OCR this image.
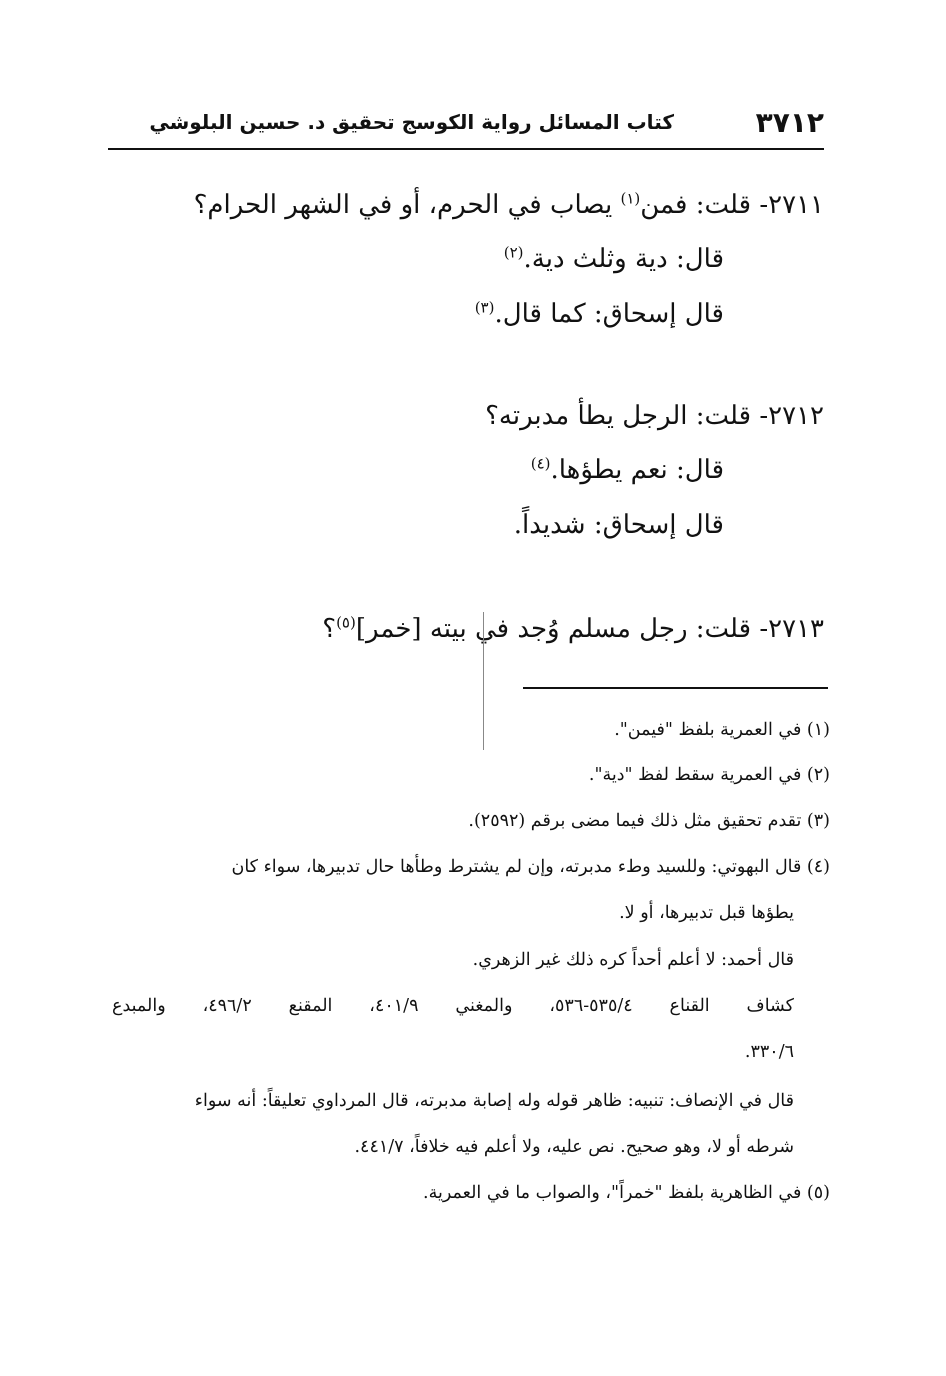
٣٧١٢
كتاب المسائل رواية الكوسج تحقيق د. حسين البلوشي
٢٧١١- قلت: فمن$^{(١)}$ يصاب في الحرم، أو في الشهر الحرام؟
قال: دية وثلث دية.$^{(٢)}$
قال إسحاق: كما قال.$^{(٣)}$
٢٧١٢- قلت: الرجل يطأ مدبرته؟
قال: نعم يطؤها.$^{(٤)}$
قال إسحاق: شديداً.
٢٧١٣- قلت: رجل مسلم وُجد في بيته [خمر]$^{(٥)}$؟
(١) في العمرية بلفظ "فيمن".
(٢) في العمرية سقط لفظ "دية".
(٣) تقدم تحقيق مثل ذلك فيما مضى برقم (٢٥٩٢).
(٤) قال البهوتي: وللسيد وطء مدبرته، وإن لم يشترط وطأها حال تدبيرها، سواء كان
يطؤها قبل تدبيرها، أو لا.
قال أحمد: لا أعلم أحداً كره ذلك غير الزهري.
كشاف القناع ٥٣٥/٤-٥٣٦، والمغني ٤٠١/٩، المقنع ٤٩٦/٢، والمبدع
٣٣٠/٦.
قال في الإنصاف: تنبيه: ظاهر قوله وله إصابة مدبرته، قال المرداوي تعليقاً: أنه سواء
شرطه أو لا، وهو صحيح. نص عليه، ولا أعلم فيه خلافاً، ٤٤١/٧.
(٥) في الظاهرية بلفظ "خمراً"، والصواب ما في العمرية.
